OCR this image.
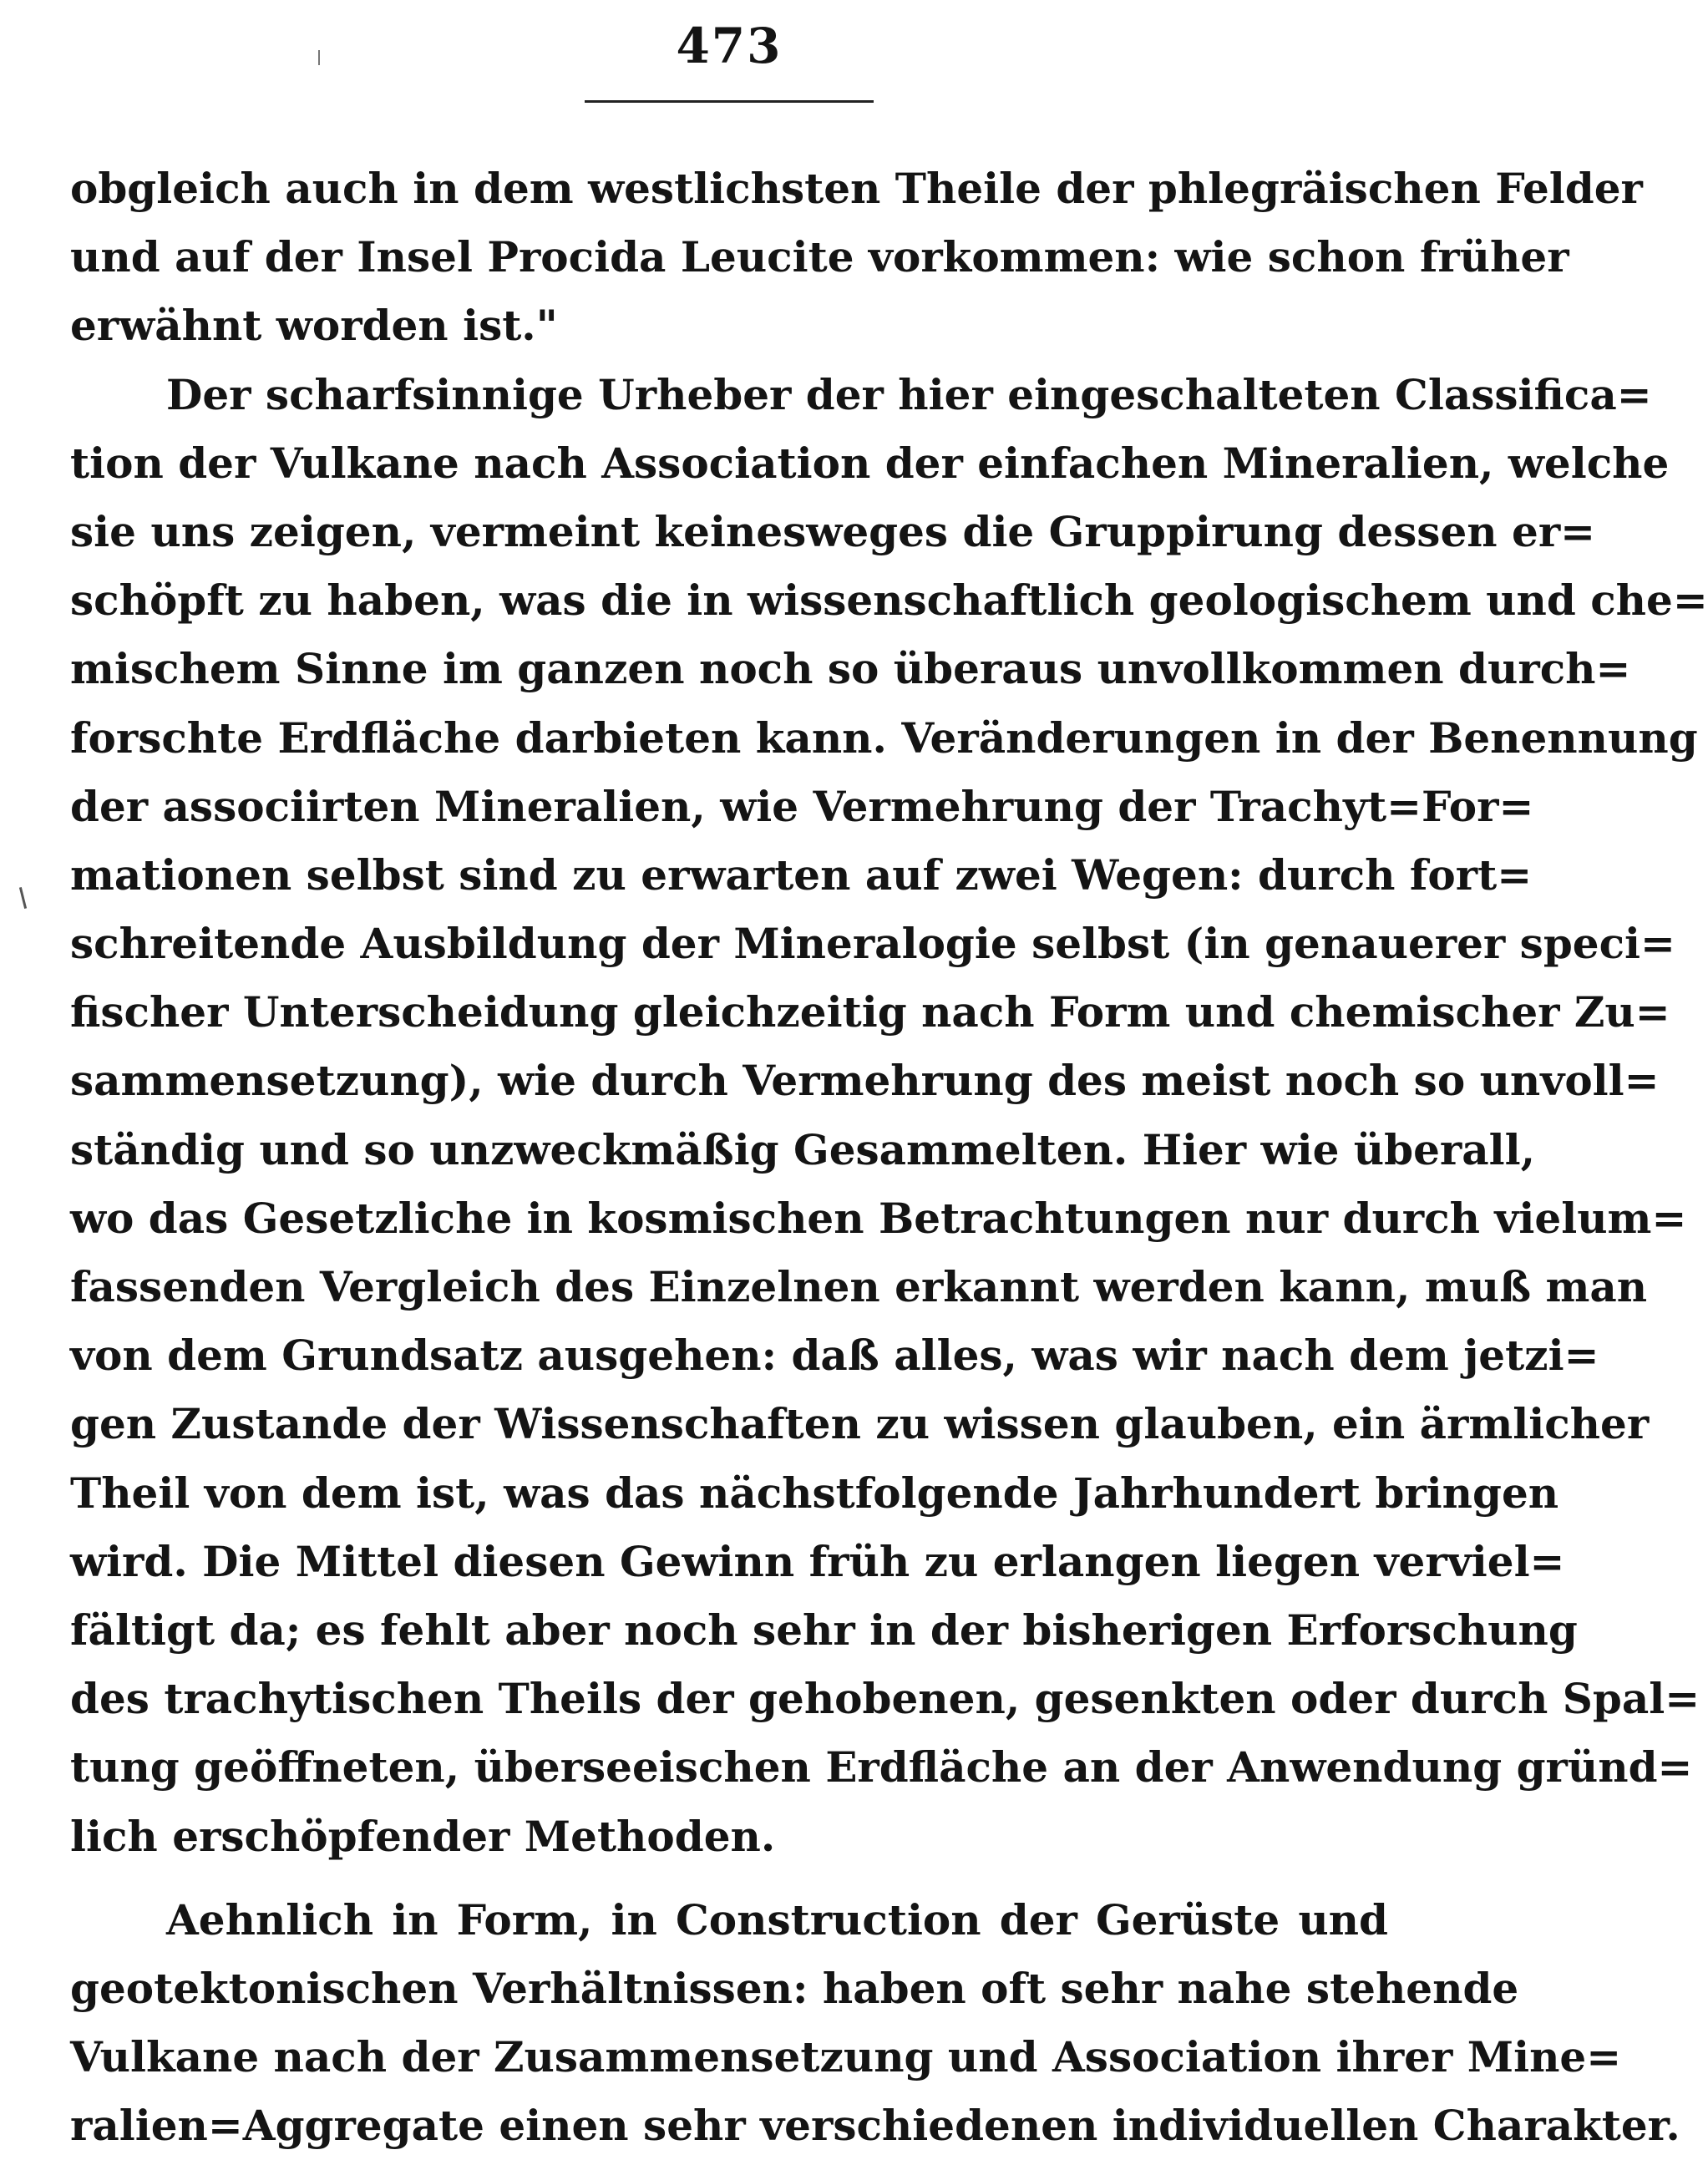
473
obgleich auch in dem westlichsten Theile der phlegräischen Felder
und auf der Insel Procida Leucite vorkommen: wie schon früher
erwähnt worden ist."
Der scharfsinnige Urheber der hier eingeschalteten Classifica=
tion der Vulkane nach Association der einfachen Mineralien, welche
sie uns zeigen, vermeint keinesweges die Gruppirung dessen er=
schöpft zu haben, was die in wissenschaftlich geologischem und che=
mischem Sinne im ganzen noch so überaus unvollkommen durch=
forschte Erdfläche darbieten kann. Veränderungen in der Benennung
der associirten Mineralien, wie Vermehrung der Trachyt=For=
mationen selbst sind zu erwarten auf zwei Wegen: durch fort=
schreitende Ausbildung der Mineralogie selbst (in genauerer speci=
fischer Unterscheidung gleichzeitig nach Form und chemischer Zu=
sammensetzung), wie durch Vermehrung des meist noch so unvoll=
ständig und so unzweckmäßig Gesammelten. Hier wie überall,
wo das Gesetzliche in kosmischen Betrachtungen nur durch vielum=
fassenden Vergleich des Einzelnen erkannt werden kann, muß man
von dem Grundsatz ausgehen: daß alles, was wir nach dem jetzi=
gen Zustande der Wissenschaften zu wissen glauben, ein ärmlicher
Theil von dem ist, was das nächstfolgende Jahrhundert bringen
wird. Die Mittel diesen Gewinn früh zu erlangen liegen verviel=
fältigt da; es fehlt aber noch sehr in der bisherigen Erforschung
des trachytischen Theils der gehobenen, gesenkten oder durch Spal=
tung geöffneten, überseeischen Erdfläche an der Anwendung gründ=
lich erschöpfender Methoden.
Aehnlich in Form, in Construction der Gerüste und
geotektonischen Verhältnissen: haben oft sehr nahe stehende
Vulkane nach der Zusammensetzung und Association ihrer Mine=
ralien=Aggregate einen sehr verschiedenen individuellen Charakter.
